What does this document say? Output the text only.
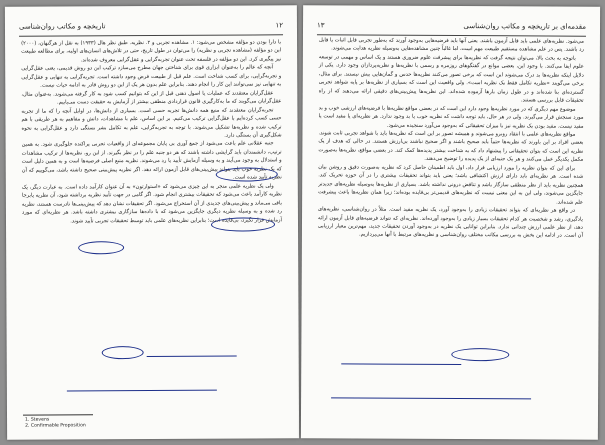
۱۲
تاریخچه و مکاتب روان‌شناسی

با دارا بودن دو مؤلفه مشخص می‌شود: ۱. مشاهده تجربی و ۲. نظریه. طبق نظر هال (۱۹۳۳) به نقل از هرگنهان، (۲۰۰۰) این دو مؤلفه (مشاهده تجربی و نظریه) را می‌توان در طول تاریخ، حتی در تلاش‌های انسان‌های اولیه، برای مطالعه طبیعت نیز پیگیری کرد. این دو مؤلفه در فلسفه تحت عنوان تجربه‌گرایی و عقل‌گرایی معروف شده‌اند.

آنچه که عالم را به‌عنوان ابزاری قوی برای شناختن جهان مطرح می‌سازد ترکیب این دو روش قدیمی، یعنی عقل‌گرایی و تجربه‌گرایی، برای کسب شناخت است. علم قبل از طبیعت فرض وجود داشته است. تجربه‌گرایی به تنهایی و عقل‌گرایی به تنهایی نیز نمی‌توانند این کار را انجام دهند. بنابراین علم بدون هر یک از این دو روش قادر به ادامه حیات نیست.

عقل‌گرایان معتقدند که عملیات یا اصول ذهنی قبل از این که بتوانیم کسب شود به کار گرفته می‌شوند. به‌عنوان مثال، عقل‌گرایان می‌گویند که ما به‌کارگیری قانون قراردادی منطقی بیشتر از آزمایش به حقیقت دست می‌یابیم.

تجربه‌گرایان معتقدند که منبع همه دانش‌ها تجربه حسی است. بسیاری از دانش‌ها، در اوایل آنچه را که ما از تجربه حسی کسب کرده‌ایم با عقل‌گرایی ترکیب می‌کنیم. بر این اساس، علم با مشاهدات، دانش و مفاهیم به هر طریقی با هم ترکیب شده و نظریه‌ها تشکیل می‌شوند. با توجه به تجربه‌گرایی، علم به تکامل بشر بستگی دارد و عقل‌گرایی به نحوه شکل‌گیری آن بستگی دارد.

جنبه عقلانی علم باعث می‌شود از جمع آوری بی پایان مجموعه‌ای از واقعیات تجربی پراکنده جلوگیری شود. به همین ترتیب، دانشمندان باید گرایشی داشته باشند که هر دو جنبه علم را در نظر بگیرند. از این رو، نظریه‌ها از ترکیب مشاهدات و استدلال به وجود می‌آیند و به وسیله آزمایش تأیید یا رد می‌شوند. نظریه منبع اصلی فرضیه‌ها است و به همین دلیل است که یک نظریه خوب باید بتواند پیش‌بینی‌های قابل آزمون ارائه دهد. اگر نظریه پیش‌بینی صحیح داشته باشد، می‌گوییم که آن نظریه تأیید شده است.

ولی یک نظریه علمی منجر به این چیزی می‌شود که «استوارتون» به آن عنوان کارآمد داده است. به عبارت دیگر، یک نظریه کارآمد باعث می‌شود که تحقیقات بیشتری انجام شود. اگر گامی در جهت تأیید نظریه برداشته شود، آن نظریه پابرجا باقی می‌ماند و پیش‌بینی‌های جدیدی از آن استخراج می‌شود. اگر تحقیقات نشان دهد که پیش‌بینی‌ها نادرست هستند، نظریه رد شده و به وسیله نظریه دیگری جایگزین می‌شود که با داده‌ها سازگاری بیشتری داشته باشد. هر نظریه‌ای که مورد آزمایش قرار نگیرد، بی‌فایده است؛ بنابراین نظریه‌های علمی باید توسط تحقیقات تجربی تأیید شوند.

1. Stevens
2. Confirmable Proposition
مقدمه‌ای بر تاریخچه و مکاتب روان‌شناسی
۱۳

می‌شود. نظریه‌های علمی باید قابل آزمون باشند. یعنی آنها باید فرضیه‌هایی به‌وجود آورند که به‌طور تجربی قابل اثبات یا قابل رد باشند. پس در علم مشاهده مستقیم طبیعت مهم است، اما غالباً چنین مشاهده‌هایی به‌وسیله نظریه هدایت می‌شوند.

باتوجه به بحث بالا، می‌توان نتیجه گرفت که نظریه‌ها برای پیشرفت علوم ضروری هستند و یک اساس و مهمی در توسعه علوم ایفا می‌کنند. با وجود این، بعضی موانع در گفتگوهای روزمره و رسمی با نظریه‌ها و نظریه‌پردازان وجود دارد. یکی از دلایل اینکه نظریه‌ها بد درک می‌شوند این است که برخی تصور می‌کنند نظریه‌ها حدس و گمان‌هایی بیش نیستند. برای مثال، برخی می‌گویند «نظریه تکامل فقط یک نظریه است». ولی واقعیت این است که بسیاری از نظریه‌ها بر پایه شواهد تجربی گسترده‌ای بنا شده‌اند و در طول زمان بارها آزموده شده‌اند. این نظریه‌ها پیش‌بینی‌های دقیقی ارائه می‌دهند که از راه تحقیقات قابل بررسی هستند.

موضوع مهم دیگری که در مورد نظریه‌ها وجود دارد این است که در بعضی مواقع نظریه‌ها با فرضیه‌های ارزشی خوب و بد مورد سنجش قرار می‌گیرند. ولی در هر حال، باید توجه داشت که نظریه خوب یا بد وجود ندارد. هر نظریه‌ای یا مفید است یا مفید نیست. مفید بودن یک نظریه نیز با میزان تحقیقاتی که به‌وجود می‌آورد سنجیده می‌شود.

مواقع نظریه‌های علمی با انتقاد روبرو می‌شوند و همیشه تصور بر این است که نظریه‌ها باید با شواهد تجربی ثابت شوند. بعضی افراد بر این باورند که نظریه‌ها حتماً باید صحیح باشند و اگر صحیح نباشند بی‌ارزش هستند. در حالی که هدف از یک نظریه این است که بتوان تحقیقاتی را پیشنهاد داد که به شناخت بیشتر پدیده‌ها کمک کند. در بعضی مواقع، نظریه‌ها به‌صورت مکمل یکدیگر عمل می‌کنند و هر یک جنبه‌ای از یک پدیده را توضیح می‌دهند.

برای این که بتوان نظریه را مورد ارزیابی قرار داد، اول باید اطمینان حاصل کرد که نظریه به‌صورت دقیق و روشن بیان شده است. هر نظریه‌ای باید دارای ارزش اکتشافی باشد؛ یعنی باید بتواند تحقیقات بیشتری را در آن حوزه تحریک کند. همچنین نظریه باید از نظر منطقی سازگار باشد و تناقض درونی نداشته باشد. بسیاری از نظریه‌ها به‌وسیله نظریه‌های جدیدتر جایگزین می‌شوند، ولی این به این معنی نیست که نظریه‌های قدیمی‌تر بی‌فایده بوده‌اند؛ زیرا همان نظریه‌ها باعث پیشرفت علم شده‌اند.

در واقع هر نظریه‌ای که بتواند تحقیقات زیادی را به‌وجود آورد، یک نظریه مفید است. مثلاً در روان‌شناسی، نظریه‌های یادگیری، رشد و شخصیت هر کدام تحقیقات بسیار زیادی را به‌وجود آورده‌اند. نظریه‌ای که نتواند فرضیه‌های قابل آزمون ارائه دهد، از نظر علمی ارزش چندانی ندارد. بنابراین توانایی یک نظریه در به‌وجود آوردن تحقیقات جدید، مهم‌ترین معیار ارزیابی آن است. در ادامه این بخش به بررسی مکاتب مختلف روان‌شناسی و نظریه‌های مرتبط با آنها می‌پردازیم.
